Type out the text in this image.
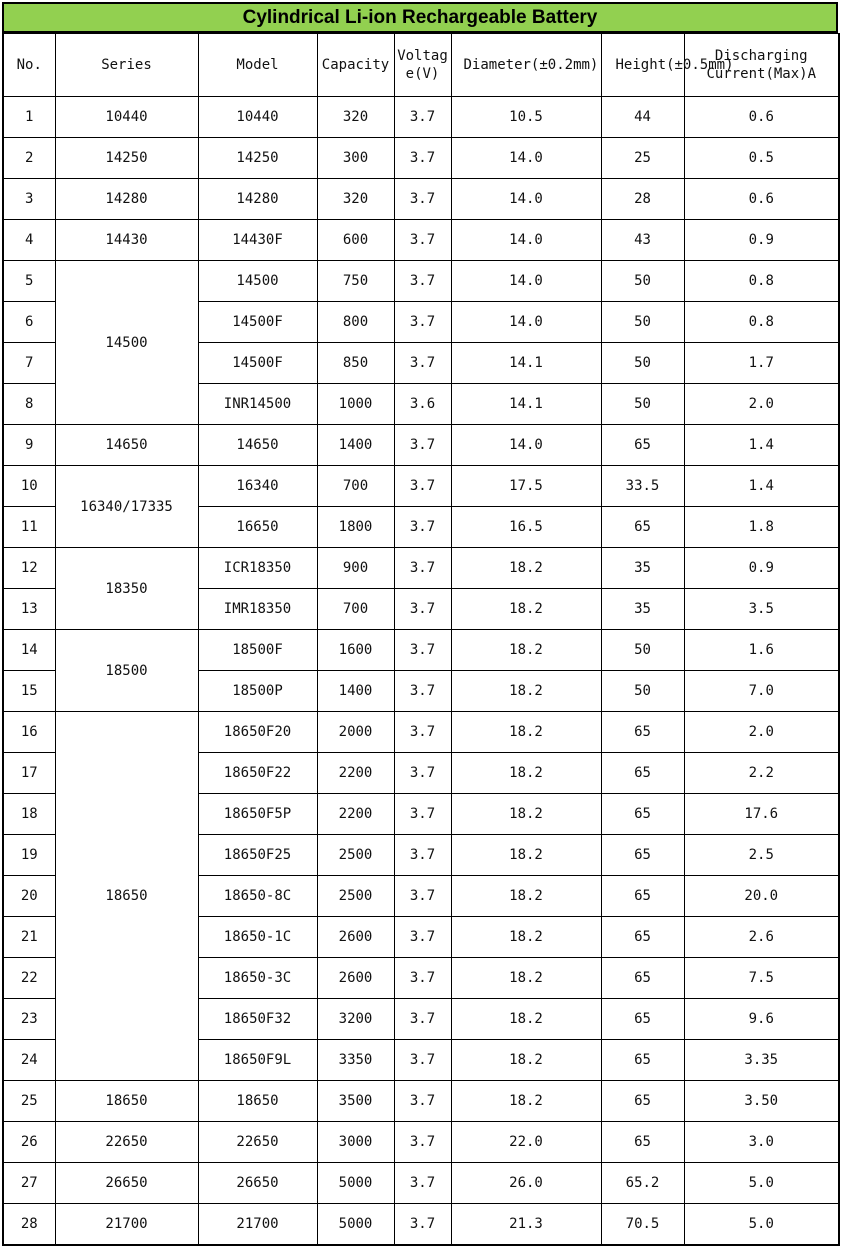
Cylindrical Li-ion Rechargeable Battery
No.	Series	Model	Capacity	Voltage(V)	Diameter(±0.2mm)	Height(±0.5mm)	Discharging Current(Max)A
1	10440	10440	320	3.7	10.5	44	0.6
2	14250	14250	300	3.7	14.0	25	0.5
3	14280	14280	320	3.7	14.0	28	0.6
4	14430	14430F	600	3.7	14.0	43	0.9
5	14500	14500	750	3.7	14.0	50	0.8
6		14500F	800	3.7	14.0	50	0.8
7		14500F	850	3.7	14.1	50	1.7
8		INR14500	1000	3.6	14.1	50	2.0
9	14650	14650	1400	3.7	14.0	65	1.4
10	16340/17335	16340	700	3.7	17.5	33.5	1.4
11		16650	1800	3.7	16.5	65	1.8
12	18350	ICR18350	900	3.7	18.2	35	0.9
13		IMR18350	700	3.7	18.2	35	3.5
14	18500	18500F	1600	3.7	18.2	50	1.6
15		18500P	1400	3.7	18.2	50	7.0
16	18650	18650F20	2000	3.7	18.2	65	2.0
17		18650F22	2200	3.7	18.2	65	2.2
18		18650F5P	2200	3.7	18.2	65	17.6
19		18650F25	2500	3.7	18.2	65	2.5
20		18650-8C	2500	3.7	18.2	65	20.0
21		18650-1C	2600	3.7	18.2	65	2.6
22		18650-3C	2600	3.7	18.2	65	7.5
23		18650F32	3200	3.7	18.2	65	9.6
24		18650F9L	3350	3.7	18.2	65	3.35
25	18650	18650	3500	3.7	18.2	65	3.50
26	22650	22650	3000	3.7	22.0	65	3.0
27	26650	26650	5000	3.7	26.0	65.2	5.0
28	21700	21700	5000	3.7	21.3	70.5	5.0
